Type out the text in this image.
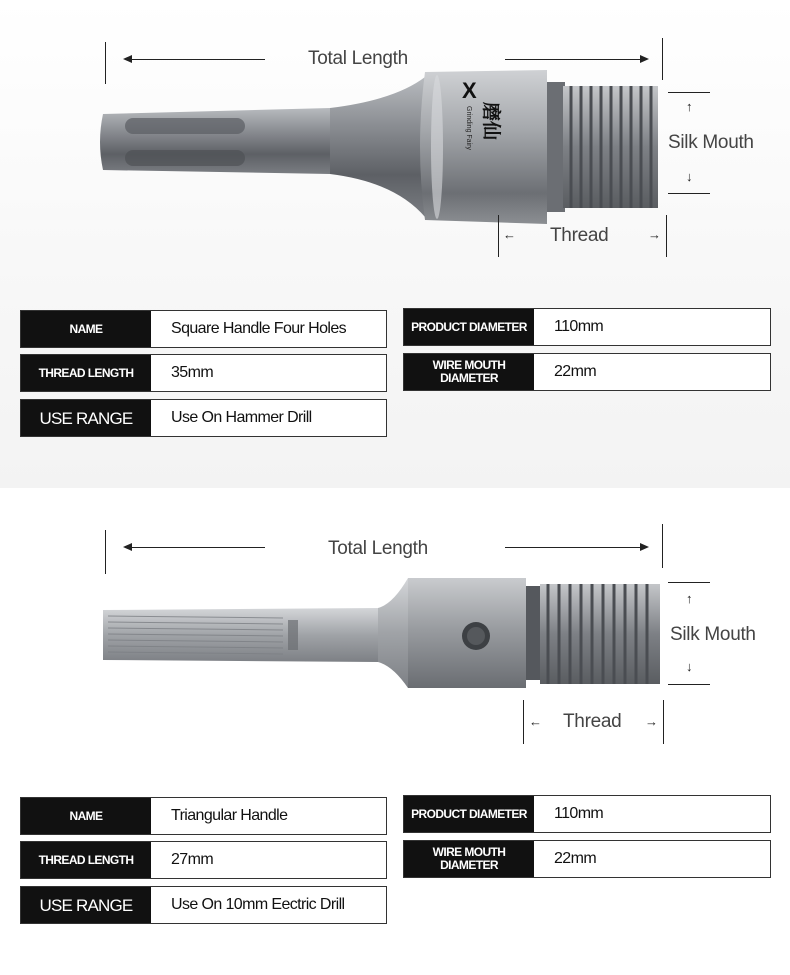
Total Length
X
磨仙
Grinding Fairy	↑
↓
Silk Mouth
←	→
Thread
NAME	Square Handle Four Holes
THREAD LENGTH	35mm
USE RANGE	Use On Hammer Drill
PRODUCT DIAMETER	110mm
WIRE MOUTH DIAMETER	22mm
Total Length
↑
↓
Silk Mouth
←	→
Thread
NAME	Triangular Handle
THREAD LENGTH	27mm
USE RANGE	Use On 10mm Eectric Drill
PRODUCT DIAMETER	110mm
WIRE MOUTH DIAMETER	22mm
